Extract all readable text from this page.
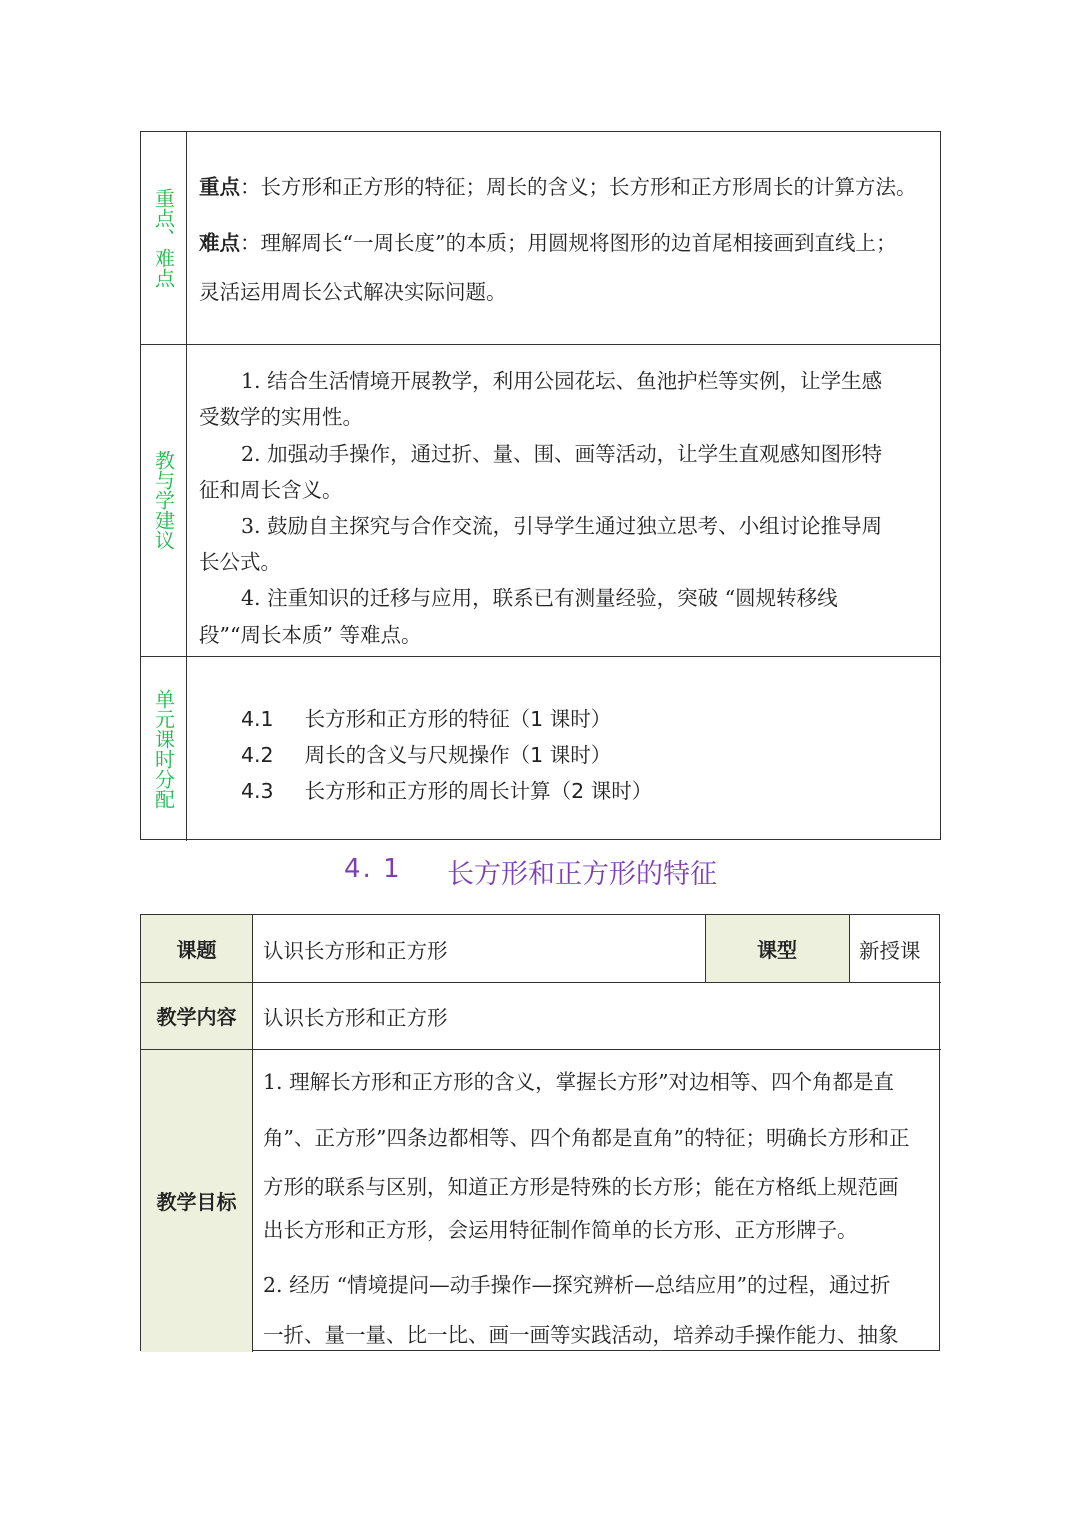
重点、难点

重点：长方形和正方形的特征；周长的含义；长方形和正方形周长的计算方法。

难点：理解周长“一周长度”的本质；用圆规将图形的边首尾相接画到直线上；

灵活运用周长公式解决实际问题。

教与学建议

1. 结合生活情境开展教学，利用公园花坛、鱼池护栏等实例，让学生感

受数学的实用性。

2. 加强动手操作，通过折、量、围、画等活动，让学生直观感知图形特

征和周长含义。

3. 鼓励自主探究与合作交流，引导学生通过独立思考、小组讨论推导周

长公式。

4. 注重知识的迁移与应用，联系已有测量经验，突破 “圆规转移线

段”“周长本质” 等难点。

单元课时分配	4.1 长方形和正方形的特征（1 课时）
4.2 周长的含义与尺规操作（1 课时）
4.3 长方形和正方形的周长计算（2 课时）
4. 1 长方形和正方形的特征
课题 认识长方形和正方形	课型	新授课
教学内容 认识长方形和正方形
教学目标
1. 理解长方形和正方形的含义，掌握长方形”对边相等、四个角都是直
角”、正方形”四条边都相等、四个角都是直角”的特征；明确长方形和正
方形的联系与区别，知道正方形是特殊的长方形；能在方格纸上规范画
出长方形和正方形，会运用特征制作简单的长方形、正方形牌子。
2. 经历 “情境提问—动手操作—探究辨析—总结应用”的过程，通过折
一折、量一量、比一比、画一画等实践活动，培养动手操作能力、抽象
